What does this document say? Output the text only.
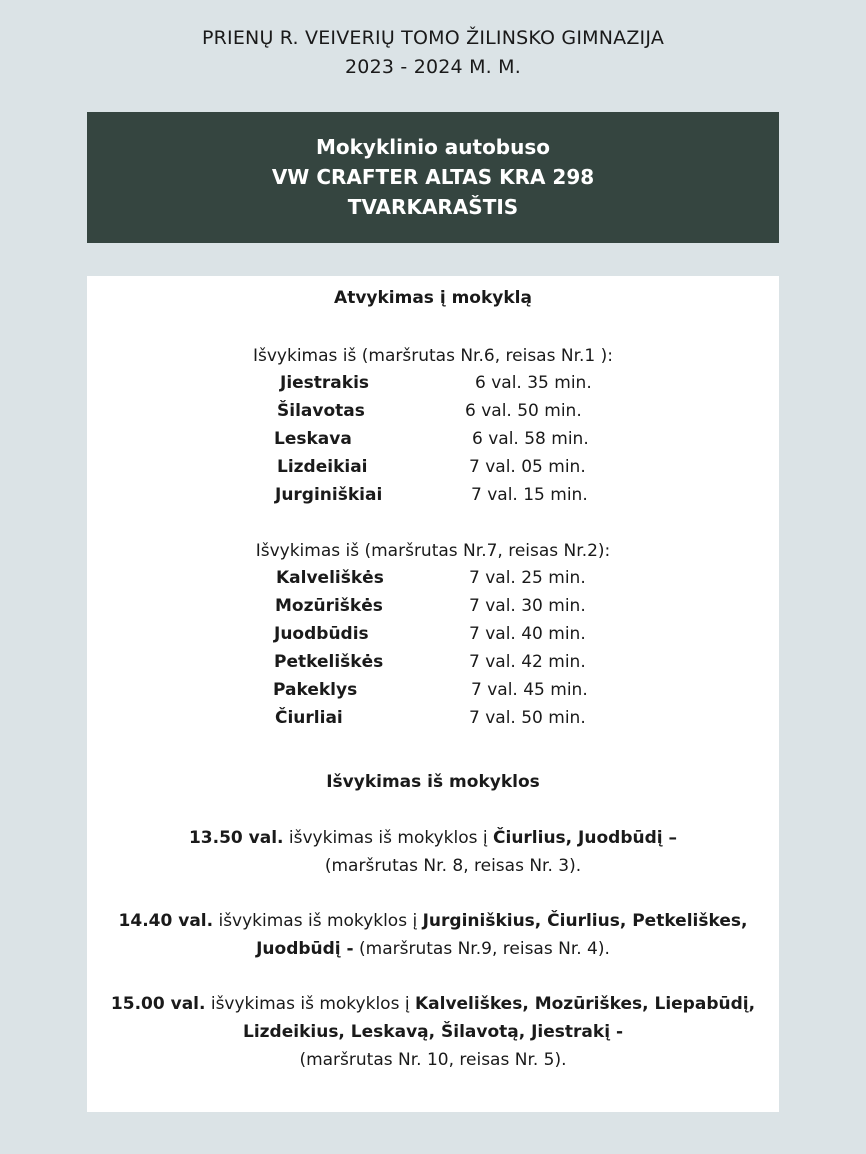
PRIENŲ R. VEIVERIŲ TOMO ŽILINSKO GIMNAZIJA
2023 - 2024 M. M.
Mokyklinio autobuso
VW CRAFTER ALTAS KRA 298
TVARKARAŠTIS
Atvykimas į mokyklą
Išvykimas iš (maršrutas Nr.6, reisas Nr.1 ):
Jiestrakis	6 val. 35 min.
Šilavotas	6 val. 50 min.
Leskava	6 val. 58 min.
Lizdeikiai	7 val. 05 min.
Jurginiškiai	7 val. 15 min.
Išvykimas iš (maršrutas Nr.7, reisas Nr.2):
Kalveliškės	7 val. 25 min.
Mozūriškės	7 val. 30 min.
Juodbūdis	7 val. 40 min.
Petkeliškės	7 val. 42 min.
Pakeklys	7 val. 45 min.
Čiurliai	7 val. 50 min.
Išvykimas iš mokyklos
13.50 val. išvykimas iš mokyklos į Čiurlius, Juodbūdį –
(maršrutas Nr. 8, reisas Nr. 3).
14.40 val. išvykimas iš mokyklos į Jurginiškius, Čiurlius, Petkeliškes,
Juodbūdį - (maršrutas Nr.9, reisas Nr. 4).
15.00 val. išvykimas iš mokyklos į Kalveliškes, Mozūriškes, Liepabūdį,
Lizdeikius, Leskavą, Šilavotą, Jiestrakį -
(maršrutas Nr. 10, reisas Nr. 5).
